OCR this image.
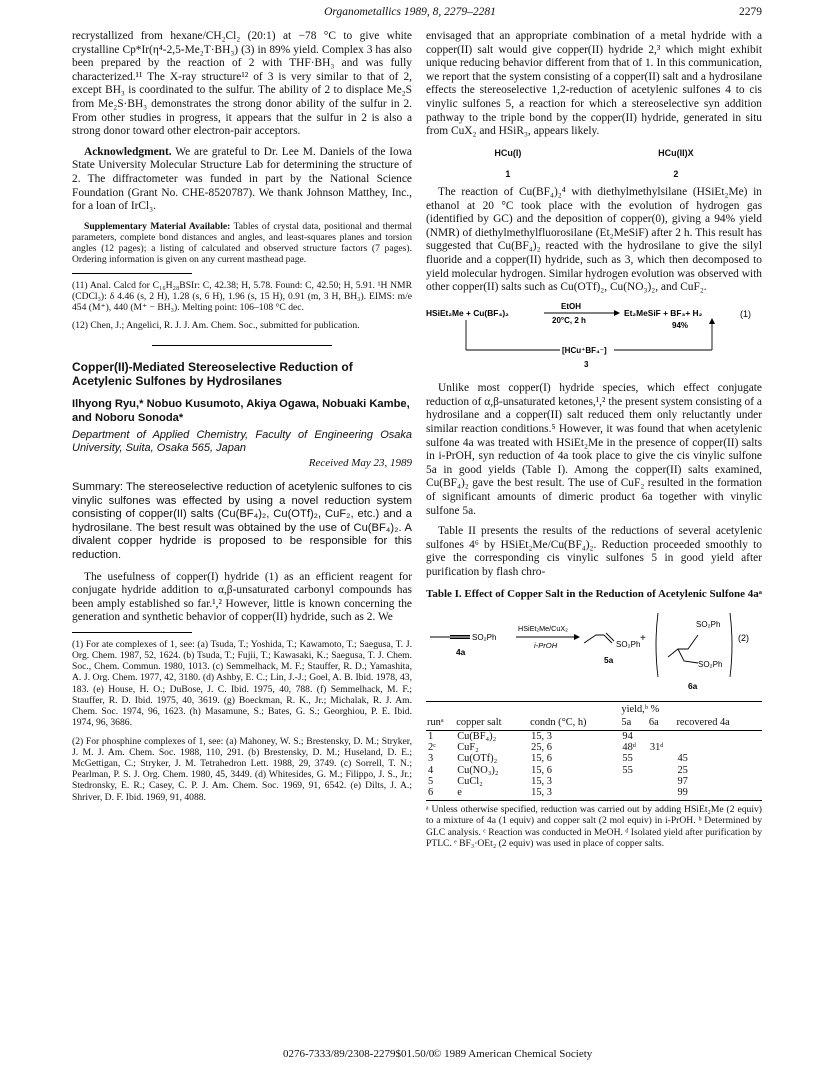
Organometallics 1989, 8, 2279–2281	2279

recrystallized from hexane/CH₂Cl₂ (20:1) at −78 °C to give white crystalline Cp*Ir(η⁴-2,5-Me₂T·BH₃) (3) in 89% yield. Complex 3 has also been prepared by the reaction of 2 with THF·BH₃ and was fully characterized.¹¹ The X-ray structure¹² of 3 is very similar to that of 2, except BH₃ is coordinated to the sulfur. The ability of 2 to displace Me₂S from Me₂S·BH₃ demonstrates the strong donor ability of the sulfur in 2. From other studies in progress, it appears that the sulfur in 2 is also a strong donor toward other electron-pair acceptors.

Acknowledgment. We are grateful to Dr. Lee M. Daniels of the Iowa State University Molecular Structure Lab for determining the structure of 2. The diffractometer was funded in part by the National Science Foundation (Grant No. CHE-8520787). We thank Johnson Matthey, Inc., for a loan of IrCl₃.

Supplementary Material Available: Tables of crystal data, positional and thermal parameters, complete bond distances and angles, and least-squares planes and torsion angles (12 pages); a listing of calculated and observed structure factors (7 pages). Ordering information is given on any current masthead page.

(11) Anal. Calcd for C₁₆H₂₈BSIr: C, 42.38; H, 5.78. Found: C, 42.50; H, 5.91. ¹H NMR (CDCl₃): δ 4.46 (s, 2 H), 1.28 (s, 6 H), 1.96 (s, 15 H), 0.91 (m, 3 H, BH₃). EIMS: m/e 454 (M⁺), 440 (M⁺ − BH₃). Melting point: 106–108 °C dec.

(12) Chen, J.; Angelici, R. J. J. Am. Chem. Soc., submitted for publication.

Copper(II)-Mediated Stereoselective Reduction of Acetylenic Sulfones by Hydrosilanes
Ilhyong Ryu,* Nobuo Kusumoto, Akiya Ogawa, Nobuaki Kambe, and Noboru Sonoda*

Department of Applied Chemistry, Faculty of Engineering Osaka University, Suita, Osaka 565, Japan

Received May 23, 1989

Summary: The stereoselective reduction of acetylenic sulfones to cis vinylic sulfones was effected by using a novel reduction system consisting of copper(II) salts (Cu(BF₄)₂, Cu(OTf)₂, CuF₂, etc.) and a hydrosilane. The best result was obtained by the use of Cu(BF₄)₂. A divalent copper hydride is proposed to be responsible for this reduction.

The usefulness of copper(I) hydride (1) as an efficient reagent for conjugate hydride addition to α,β-unsaturated carbonyl compounds has been amply established so far.¹,² However, little is known concerning the generation and synthetic behavior of copper(II) hydride, such as 2. We

(1) For ate complexes of 1, see: (a) Tsuda, T.; Yoshida, T.; Kawamoto, T.; Saegusa, T. J. Org. Chem. 1987, 52, 1624. (b) Tsuda, T.; Fujii, T.; Kawasaki, K.; Saegusa, T. J. Chem. Soc., Chem. Commun. 1980, 1013. (c) Semmelhack, M. F.; Stauffer, R. D.; Yamashita, A. J. Org. Chem. 1977, 42, 3180. (d) Ashby, E. C.; Lin, J.-J.; Goel, A. B. Ibid. 1978, 43, 183. (e) House, H. O.; DuBose, J. C. Ibid. 1975, 40, 788. (f) Semmelhack, M. F.; Stauffer, R. D. Ibid. 1975, 40, 3619. (g) Boeckman, R. K., Jr.; Michalak, R. J. Am. Chem. Soc. 1974, 96, 1623. (h) Masamune, S.; Bates, G. S.; Georghiou, P. E. Ibid. 1974, 96, 3686.

(2) For phosphine complexes of 1, see: (a) Mahoney, W. S.; Brestensky, D. M.; Stryker, J. M. J. Am. Chem. Soc. 1988, 110, 291. (b) Brestensky, D. M.; Huseland, D. E.; McGettigan, C.; Stryker, J. M. Tetrahedron Lett. 1988, 29, 3749. (c) Sorrell, T. N.; Pearlman, P. S. J. Org. Chem. 1980, 45, 3449. (d) Whitesides, G. M.; Filippo, J. S., Jr.; Stedronsky, E. R.; Casey, C. P. J. Am. Chem. Soc. 1969, 91, 6542. (e) Dilts, J. A.; Shriver, D. F. Ibid. 1969, 91, 4088.

envisaged that an appropriate combination of a metal hydride with a copper(II) salt would give copper(II) hydride 2,³ which might exhibit unique reducing behavior different from that of 1. In this communication, we report that the system consisting of a copper(II) salt and a hydrosilane effects the stereoselective 1,2-reduction of acetylenic sulfones 4 to cis vinylic sulfones 5, a reaction for which a stereoselective syn addition pathway to the triple bond by the copper(II) hydride, generated in situ from CuX₂ and HSiR₃, appears likely.

HCu(I)
1
HCu(II)X
2

The reaction of Cu(BF₄)₂⁴ with diethylmethylsilane (HSiEt₂Me) in ethanol at 20 °C took place with the evolution of hydrogen gas (identified by GC) and the deposition of copper(0), giving a 94% yield (NMR) of diethylmethylfluorosilane (Et₂MeSiF) after 2 h. This result has suggested that Cu(BF₄)₂ reacted with the hydrosilane to give the silyl fluoride and a copper(II) hydride, such as 3, which then decomposed to yield molecular hydrogen. Similar hydrogen evolution was observed with other copper(II) salts such as Cu(OTf)₂, Cu(NO₃)₂, and CuF₂.

HSiEt₂Me + Cu(BF₄)₂
EtOH
20°C, 2 h
Et₂MeSiF + BF₃+ H₂	(1)
94%
[HCu⁺BF₄⁻]
3

Unlike most copper(I) hydride species, which effect conjugate reduction of α,β-unsaturated ketones,¹,² the present system consisting of a hydrosilane and a copper(II) salt reduced them only reluctantly under similar reaction conditions.⁵ However, it was found that when acetylenic sulfone 4a was treated with HSiEt₂Me in the presence of copper(II) salts in i-PrOH, syn reduction of 4a took place to give the cis vinylic sulfone 5a in good yields (Table I). Among the copper(II) salts examined, Cu(BF₄)₂ gave the best result. The use of CuF₂ resulted in the formation of significant amounts of dimeric product 6a together with vinylic sulfone 5a.

Table II presents the results of the reductions of several acetylenic sulfones 4⁶ by HSiEt₂Me/Cu(BF₄)₂. Reduction proceeded smoothly to give the corresponding cis vinylic sulfones 5 in good yield after purification by flash chro-

Table I. Effect of Copper Salt in the Reduction of Acetylenic Sulfone 4aᵃ
SO₂Ph
4a
HSiEt₂Me/CuX₂
i-PrOH	SO₂Ph
5a
+
SO₂Ph
SO₂Ph
6a
(2)
			yield,ᵇ %		
runᵃ	copper salt	condn (°C, h)	5a	6a	recovered 4a
1	Cu(BF₄)₂	15, 3	94		
2ᶜ	CuF₂	25, 6	48ᵈ	31ᵈ	
3	Cu(OTf)₂	15, 6	55		45
4	Cu(NO₃)₂	15, 6	55		25
5	CuCl₂	15, 3			97
6	e	15, 3			99

ᵃ Unless otherwise specified, reduction was carried out by adding HSiEt₂Me (2 equiv) to a mixture of 4a (1 equiv) and copper salt (2 mol equiv) in i-PrOH. ᵇ Determined by GLC analysis. ᶜ Reaction was conducted in MeOH. ᵈ Isolated yield after purification by PTLC. ᵉ BF₃·OEt₂ (2 equiv) was used in place of copper salts.

0276-7333/89/2308-2279$01.50/0
© 1989 American Chemical Society
